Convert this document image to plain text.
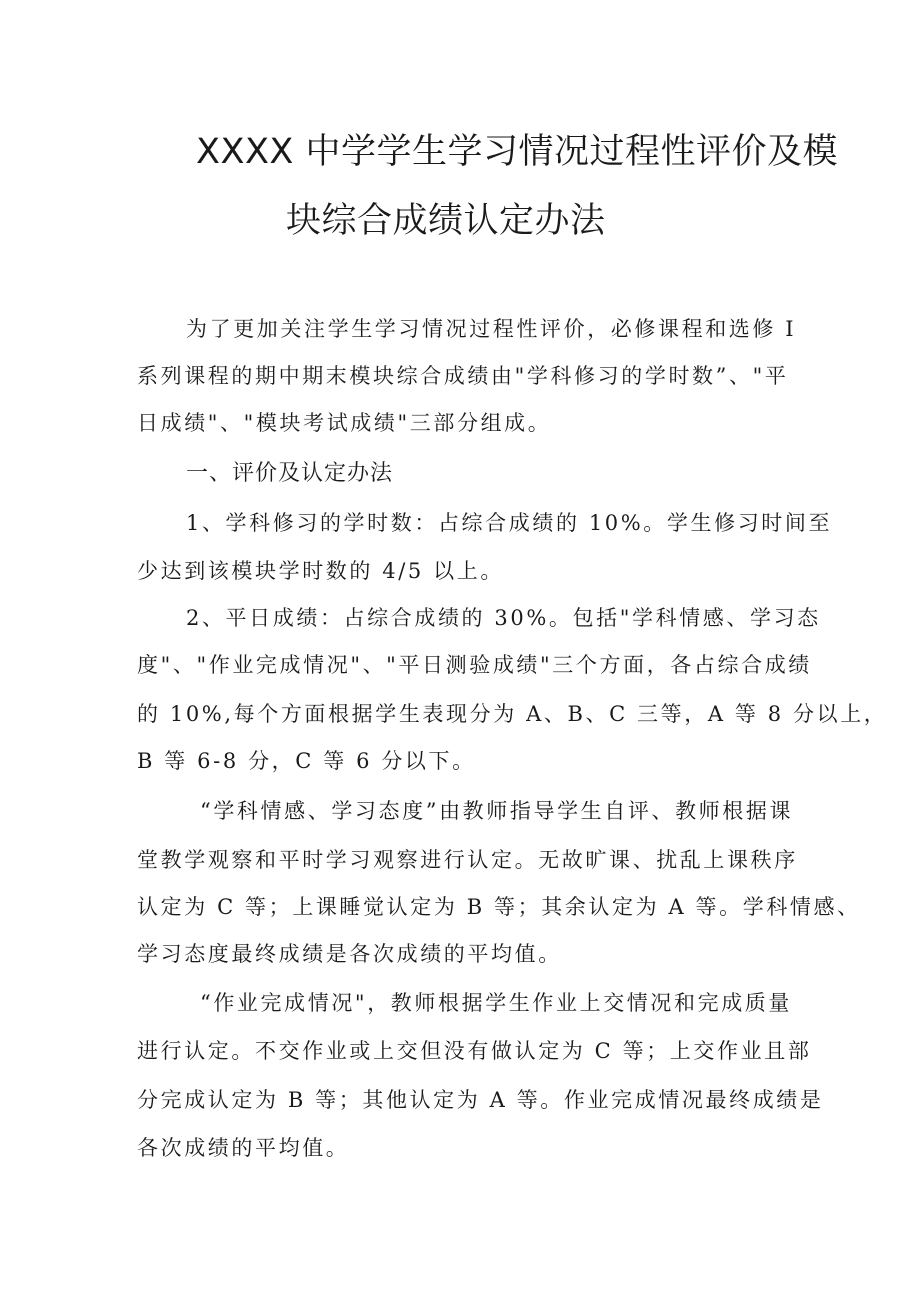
XXXX 中学学生学习情况过程性评价及模
块综合成绩认定办法
为了更加关注学生学习情况过程性评价，必修课程和选修 I
系列课程的期中期末模块综合成绩由"学科修习的学时数”、"平
日成绩"、"模块考试成绩"三部分组成。
一、评价及认定办法
1、学科修习的学时数：占综合成绩的 10%。学生修习时间至
少达到该模块学时数的 4/5 以上。
2、平日成绩：占综合成绩的 30%。包括"学科情感、学习态
度"、"作业完成情况"、"平日测验成绩"三个方面，各占综合成绩
的 10%,每个方面根据学生表现分为 A、B、C 三等，A 等 8 分以上，
B 等 6-8 分，C 等 6 分以下。
“学科情感、学习态度”由教师指导学生自评、教师根据课
堂教学观察和平时学习观察进行认定。无故旷课、扰乱上课秩序
认定为 C 等；上课睡觉认定为 B 等；其余认定为 A 等。学科情感、
学习态度最终成绩是各次成绩的平均值。
“作业完成情况"，教师根据学生作业上交情况和完成质量
进行认定。不交作业或上交但没有做认定为 C 等；上交作业且部
分完成认定为 B 等；其他认定为 A 等。作业完成情况最终成绩是
各次成绩的平均值。
